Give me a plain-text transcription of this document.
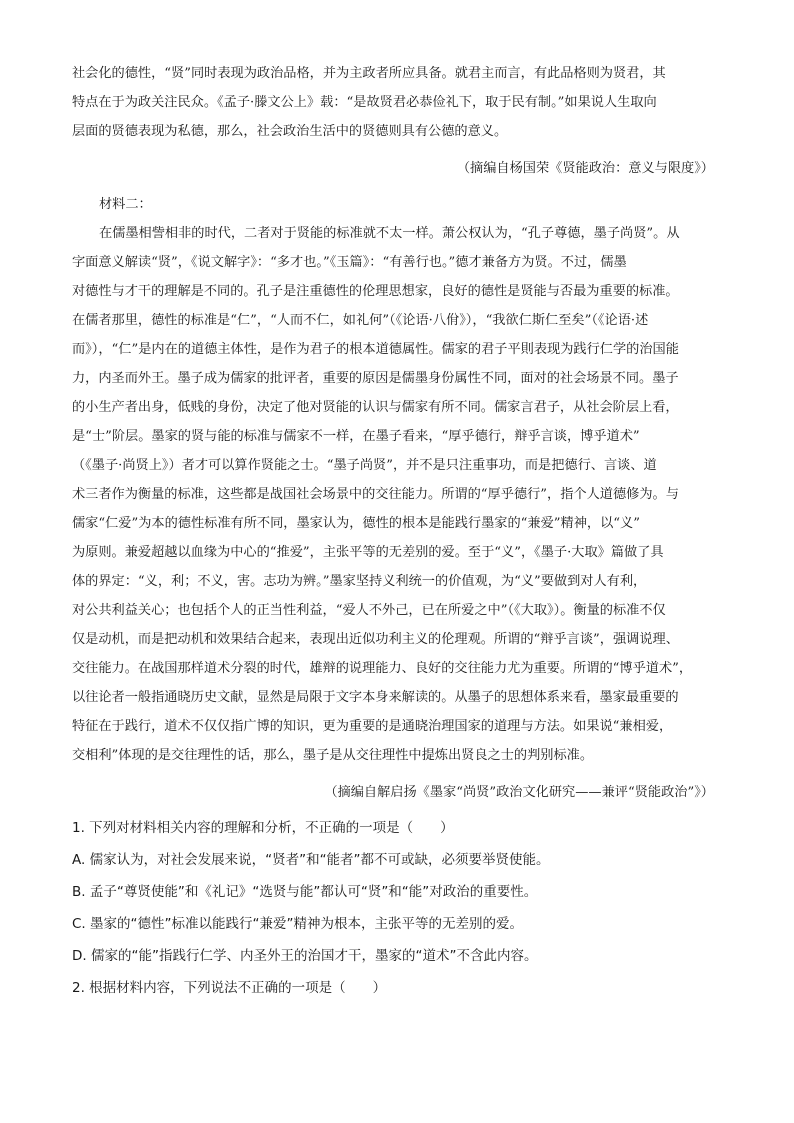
社会化的德性，“贤”同时表现为政治品格，并为主政者所应具备。就君主而言，有此品格则为贤君，其
特点在于为政关注民众。《孟子·滕文公上》载：“是故贤君必恭俭礼下，取于民有制。”如果说人生取向
层面的贤德表现为私德，那么，社会政治生活中的贤德则具有公德的意义。
（摘编自杨国荣《贤能政治：意义与限度》）
材料二：
在儒墨相訾相非的时代，二者对于贤能的标准就不太一样。萧公权认为，“孔子尊德，墨子尚贤”。从
字面意义解读“贤”，《说文解字》：“多才也。”《玉篇》：“有善行也。”德才兼备方为贤。不过，儒墨
对德性与才干的理解是不同的。孔子是注重德性的伦理思想家，良好的德性是贤能与否最为重要的标准。
在儒者那里，德性的标准是“仁”，“人而不仁，如礼何”（《论语·八佾》），“我欲仁斯仁至矣”（《论语·述
而》），“仁”是内在的道德主体性，是作为君子的根本道德属性。儒家的君子平則表现为践行仁学的治国能
力，内圣而外王。墨子成为儒家的批评者，重要的原因是儒墨身份属性不同，面对的社会场景不同。墨子
的小生产者出身，低贱的身份，决定了他对贤能的认识与儒家有所不同。儒家言君子，从社会阶层上看，
是“士”阶层。墨家的贤与能的标准与儒家不一样，在墨子看来，“厚乎德行，辩乎言谈，博乎道术”
（《墨子·尚贤上》）者才可以算作贤能之士。“墨子尚贤”，并不是只注重事功，而是把德行、言谈、道
术三者作为衡量的标准，这些都是战国社会场景中的交往能力。所谓的“厚乎德行”，指个人道德修为。与
儒家“仁爱”为本的德性标准有所不同，墨家认为，德性的根本是能践行墨家的“兼爱”精神，以“义”
为原则。兼爱超越以血缘为中心的“推爱”，主张平等的无差别的爱。至于“义”，《墨子·大取》篇做了具
体的界定：“义，利；不义，害。志功为辨。”墨家坚持义利统一的价值观，为“义”要做到对人有利，
对公共利益关心；也包括个人的正当性利益，“爱人不外己，已在所爱之中”（《大取》）。衡量的标准不仅
仅是动机，而是把动机和效果结合起来，表现出近似功利主义的伦理观。所谓的“辩乎言谈”，强调说理、
交往能力。在战国那样道术分裂的时代，雄辩的说理能力、良好的交往能力尤为重要。所谓的“博乎道术”，
以往论者一般指通晓历史文献，显然是局限于文字本身来解读的。从墨子的思想体系来看，墨家最重要的
特征在于践行，道术不仅仅指广博的知识，更为重要的是通晓治理国家的道理与方法。如果说“兼相爱，
交相利”体现的是交往理性的话，那么，墨子是从交往理性中提炼出贤良之士的判别标准。
（摘编自解启扬《墨家“尚贤”政治文化研究——兼评“贤能政治”》）
1. 下列对材料相关内容的理解和分析，不正确的一项是（　　）
A. 儒家认为，对社会发展来说，“贤者”和“能者”都不可或缺，必须要举贤使能。
B. 孟子“尊贤使能”和《礼记》“选贤与能”都认可“贤”和“能”对政治的重要性。
C. 墨家的“德性”标准以能践行“兼爱”精神为根本，主张平等的无差别的爱。
D. 儒家的“能”指践行仁学、内圣外王的治国才干，墨家的“道术”不含此内容。
2. 根据材料内容，下列说法不正确的一项是（　　）
